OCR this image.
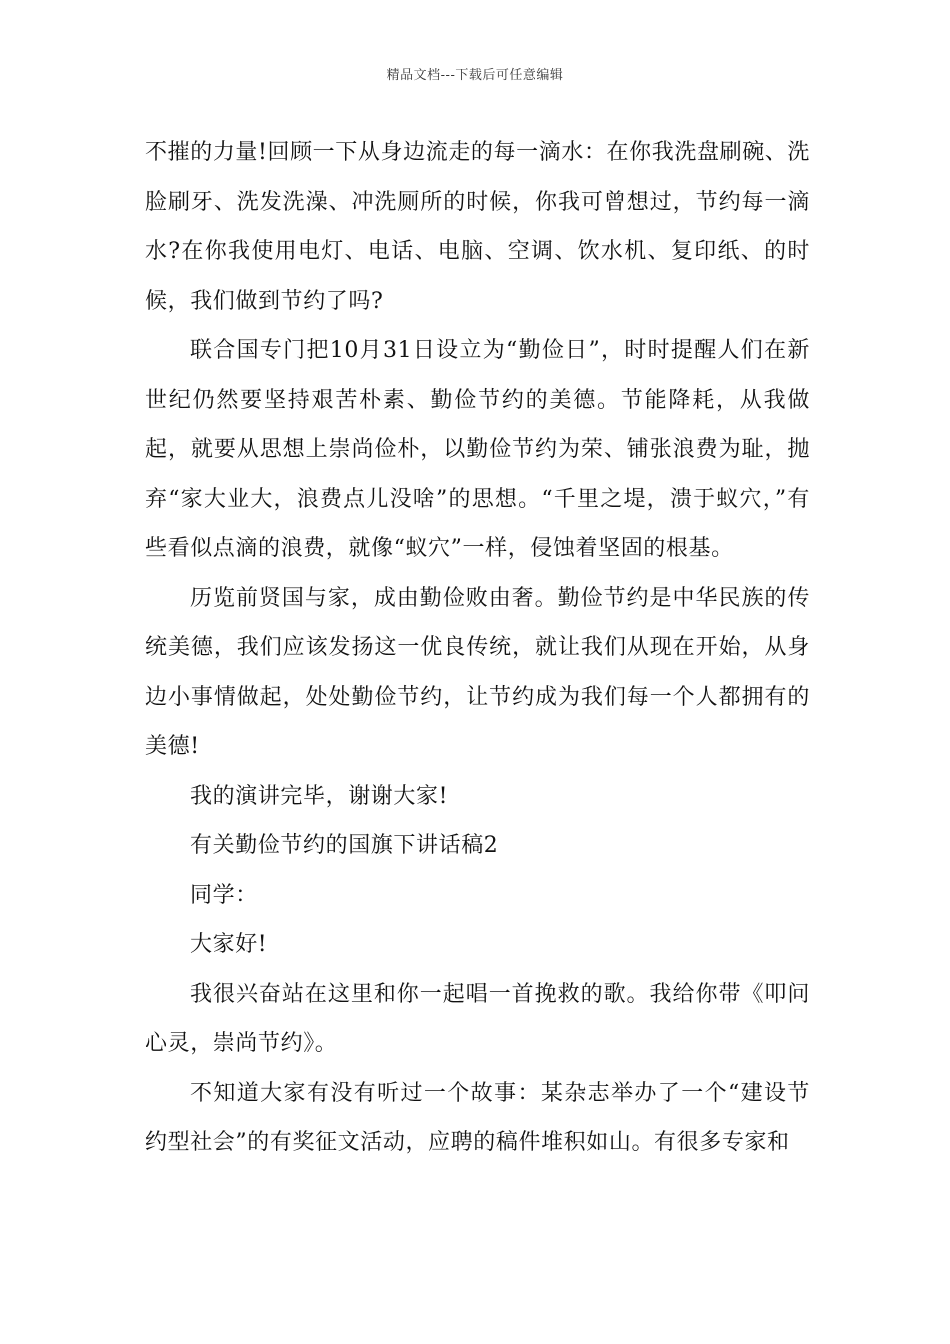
精品文档---下载后可任意编辑

不摧的力量!回顾一下从身边流走的每一滴水：在你我洗盘刷碗、洗脸刷牙、洗发洗澡、冲洗厕所的时候，你我可曾想过，节约每一滴水?在你我使用电灯、电话、电脑、空调、饮水机、复印纸、的时候，我们做到节约了吗?

联合国专门把10月31日设立为“勤俭日”，时时提醒人们在新世纪仍然要坚持艰苦朴素、勤俭节约的美德。节能降耗，从我做起，就要从思想上崇尚俭朴，以勤俭节约为荣、铺张浪费为耻，抛弃“家大业大，浪费点儿没啥”的思想。“千里之堤，溃于蚁穴，”有些看似点滴的浪费，就像“蚁穴”一样，侵蚀着坚固的根基。

历览前贤国与家，成由勤俭败由奢。勤俭节约是中华民族的传统美德，我们应该发扬这一优良传统，就让我们从现在开始，从身边小事情做起，处处勤俭节约，让节约成为我们每一个人都拥有的美德!

我的演讲完毕，谢谢大家!

有关勤俭节约的国旗下讲话稿2

同学：

大家好!

我很兴奋站在这里和你一起唱一首挽救的歌。我给你带《叩问心灵，崇尚节约》。

不知道大家有没有听过一个故事：某杂志举办了一个“建设节约型社会”的有奖征文活动，应聘的稿件堆积如山。有很多专家和
